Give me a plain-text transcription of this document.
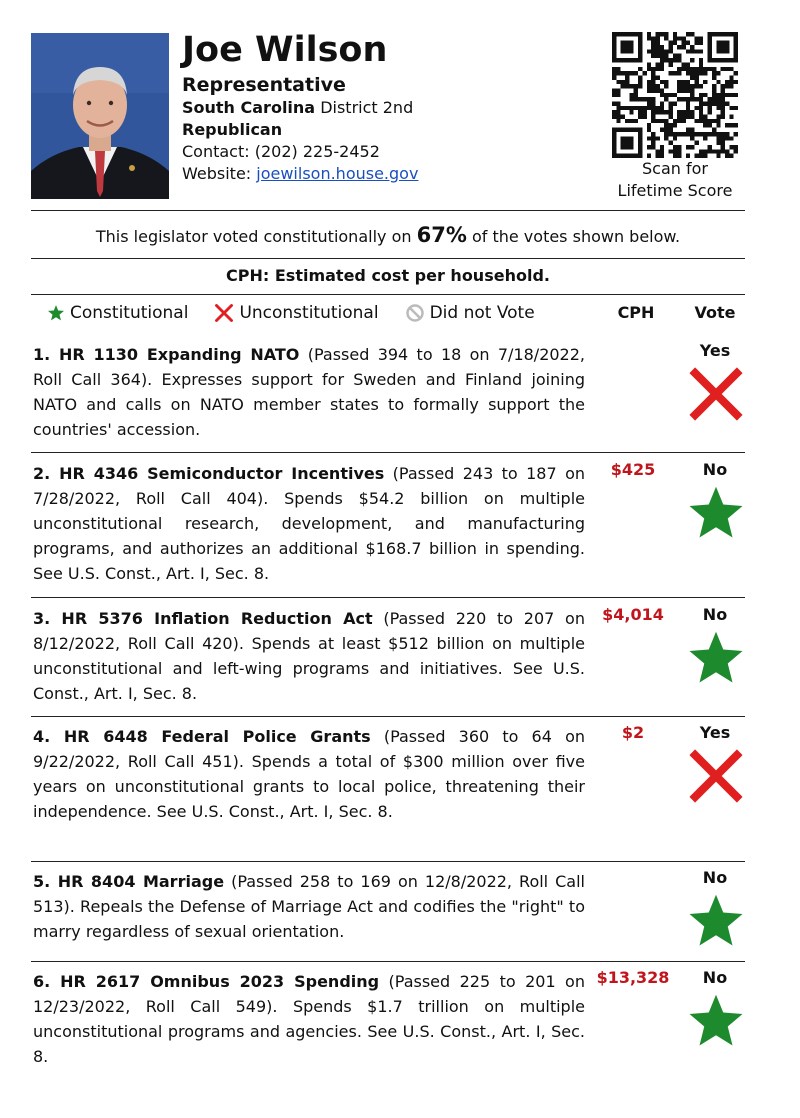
Joe Wilson
Representative
South Carolina District 2nd
Republican
Contact: (202) 225-2452
Website: joewilson.house.gov	Scan for
Lifetime Score
This legislator voted constitutionally on 67% of the votes shown below.
CPH: Estimated cost per household.
Constitutional	Unconstitutional	Did not Vote	CPH	Vote
1. HR 1130 Expanding NATO (Passed 394 to 18 on 7/18/2022, Roll Call 364). Expresses support for Sweden and Finland joining NATO and calls on NATO member states to formally support the countries' accession.
Yes
2. HR 4346 Semiconductor Incentives (Passed 243 to 187 on 7/28/2022, Roll Call 404). Spends $54.2 billion on multiple unconstitutional research, development, and manufacturing programs, and authorizes an additional $168.7 billion in spending. See U.S. Const., Art. I, Sec. 8.
$425	No
3. HR 5376 Inflation Reduction Act (Passed 220 to 207 on 8/12/2022, Roll Call 420). Spends at least $512 billion on multiple unconstitutional and left-wing programs and initiatives. See U.S. Const., Art. I, Sec. 8.
$4,014	No
4. HR 6448 Federal Police Grants (Passed 360 to 64 on 9/22/2022, Roll Call 451). Spends a total of $300 million over five years on unconstitutional grants to local police, threatening their independence. See U.S. Const., Art. I, Sec. 8.
$2	Yes
5. HR 8404 Marriage (Passed 258 to 169 on 12/8/2022, Roll Call 513). Repeals the Defense of Marriage Act and codifies the "right" to marry regardless of sexual orientation.
No
6. HR 2617 Omnibus 2023 Spending (Passed 225 to 201 on 12/23/2022, Roll Call 549). Spends $1.7 trillion on multiple unconstitutional programs and agencies. See U.S. Const., Art. I, Sec. 8.
$13,328	No
